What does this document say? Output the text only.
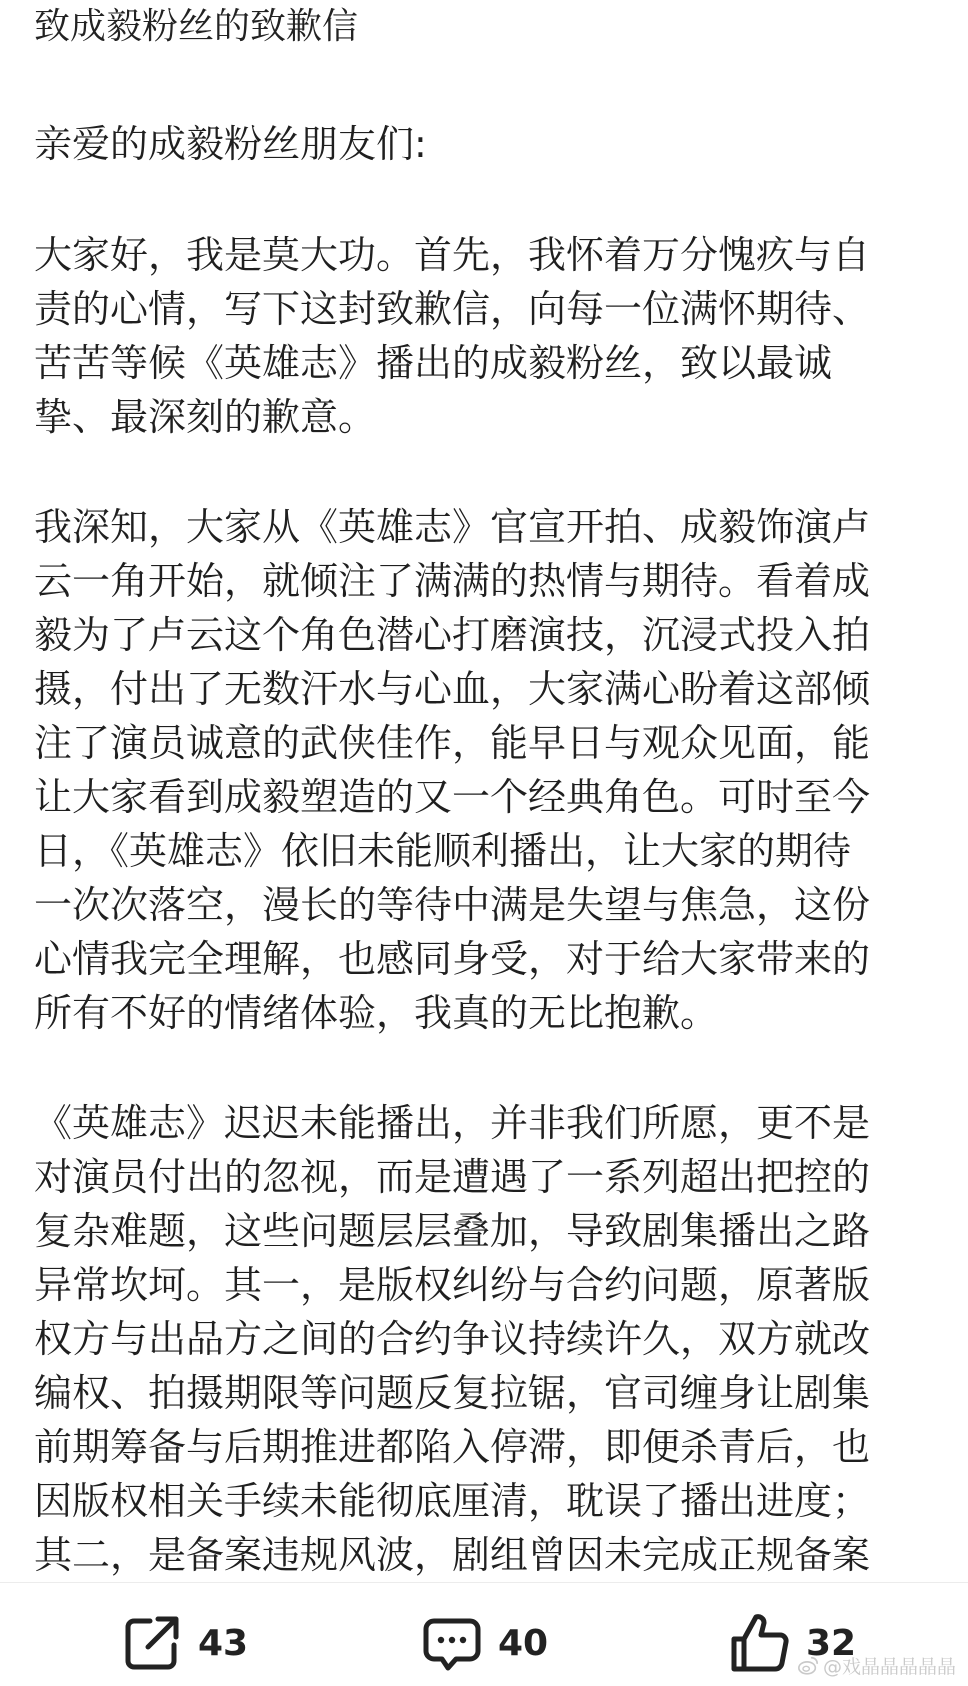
致成毅粉丝的致歉信

亲爱的成毅粉丝朋友们:

大家好，我是莫大功。首先，我怀着万分愧疚与自
责的心情，写下这封致歉信，向每一位满怀期待、
苦苦等候《英雄志》播出的成毅粉丝，致以最诚
挚、最深刻的歉意。
我深知，大家从《英雄志》官宣开拍、成毅饰演卢
云一角开始，就倾注了满满的热情与期待。看着成
毅为了卢云这个角色潜心打磨演技，沉浸式投入拍
摄，付出了无数汗水与心血，大家满心盼着这部倾
注了演员诚意的武侠佳作，能早日与观众见面，能
让大家看到成毅塑造的又一个经典角色。可时至今
日，《英雄志》依旧未能顺利播出，让大家的期待
一次次落空，漫长的等待中满是失望与焦急，这份
心情我完全理解，也感同身受，对于给大家带来的
所有不好的情绪体验，我真的无比抱歉。
《英雄志》迟迟未能播出，并非我们所愿，更不是
对演员付出的忽视，而是遭遇了一系列超出把控的
复杂难题，这些问题层层叠加，导致剧集播出之路
异常坎坷。其一，是版权纠纷与合约问题，原著版
权方与出品方之间的合约争议持续许久，双方就改
编权、拍摄期限等问题反复拉锯，官司缠身让剧集
前期筹备与后期推进都陷入停滞，即便杀青后，也
因版权相关手续未能彻底厘清，耽误了播出进度；
其二，是备案违规风波，剧组曾因未完成正规备案
43	40	32
@戏晶晶晶晶晶
